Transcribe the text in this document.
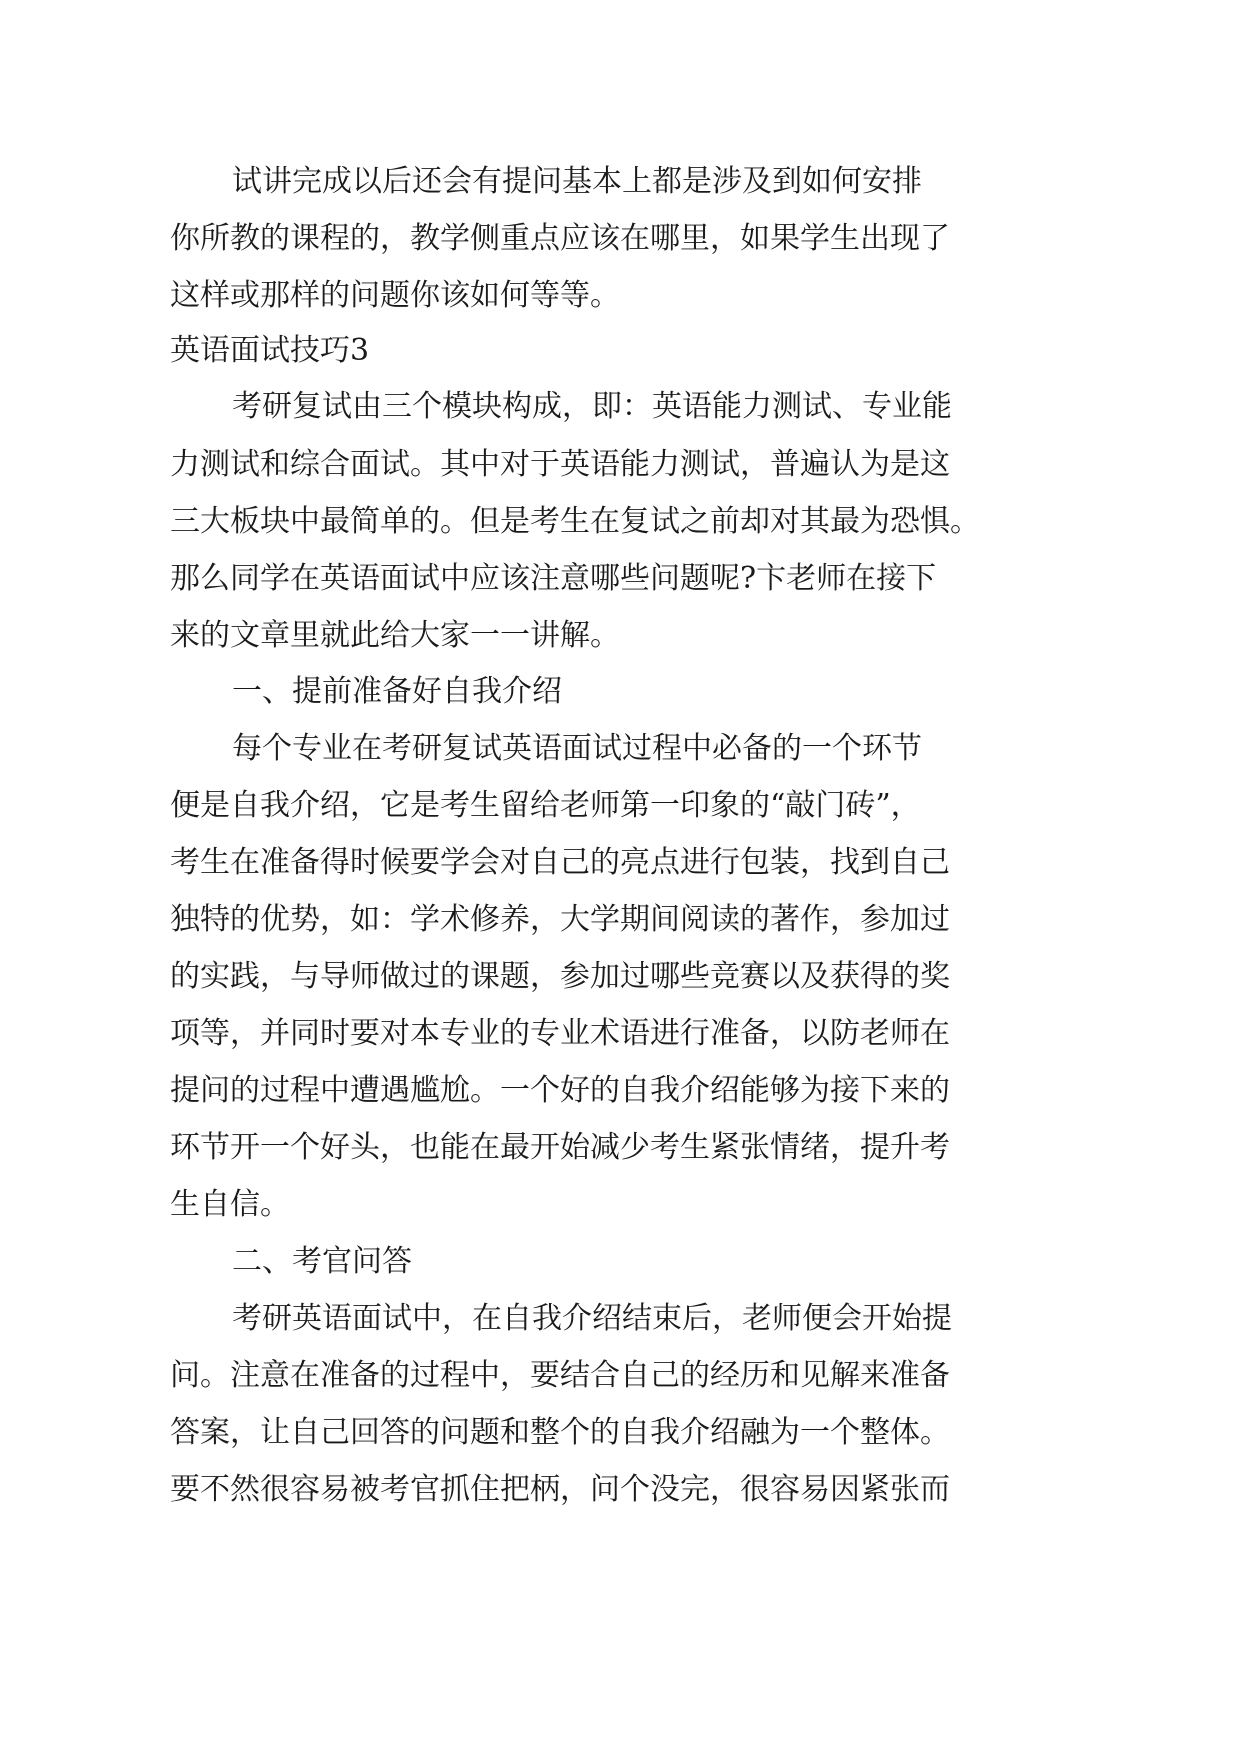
试讲完成以后还会有提问基本上都是涉及到如何安排
你所教的课程的，教学侧重点应该在哪里，如果学生出现了
这样或那样的问题你该如何等等。
英语面试技巧3
考研复试由三个模块构成，即：英语能力测试、专业能
力测试和综合面试。其中对于英语能力测试，普遍认为是这
三大板块中最简单的。但是考生在复试之前却对其最为恐惧。
那么同学在英语面试中应该注意哪些问题呢?卞老师在接下
来的文章里就此给大家一一讲解。
一、提前准备好自我介绍
每个专业在考研复试英语面试过程中必备的一个环节
便是自我介绍，它是考生留给老师第一印象的“敲门砖”，
考生在准备得时候要学会对自己的亮点进行包装，找到自己
独特的优势，如：学术修养，大学期间阅读的著作，参加过
的实践，与导师做过的课题，参加过哪些竞赛以及获得的奖
项等，并同时要对本专业的专业术语进行准备，以防老师在
提问的过程中遭遇尴尬。一个好的自我介绍能够为接下来的
环节开一个好头，也能在最开始减少考生紧张情绪，提升考
生自信。
二、考官问答
考研英语面试中，在自我介绍结束后，老师便会开始提
问。注意在准备的过程中，要结合自己的经历和见解来准备
答案，让自己回答的问题和整个的自我介绍融为一个整体。
要不然很容易被考官抓住把柄，问个没完，很容易因紧张而
